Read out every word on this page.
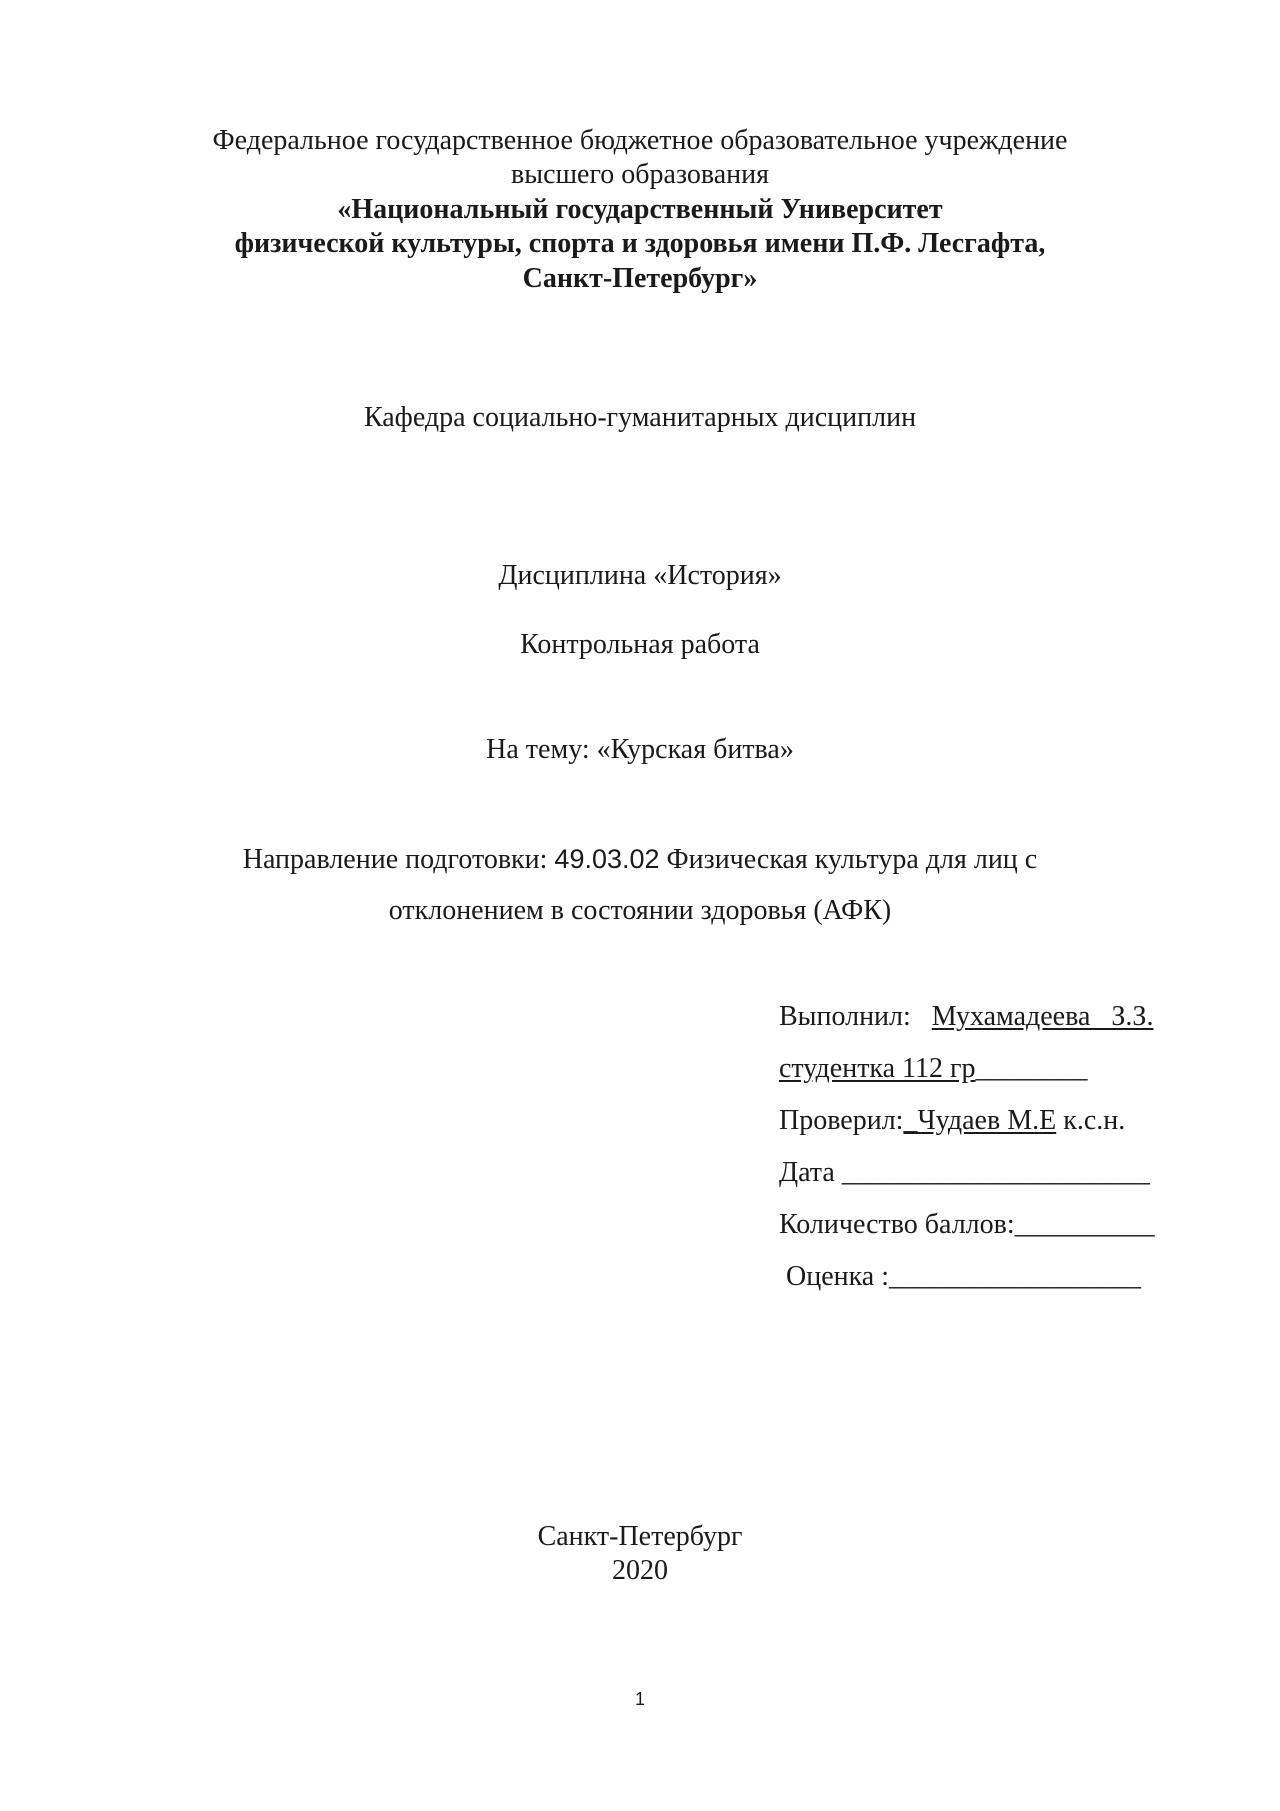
Федеральное государственное бюджетное образовательное учреждение
высшего образования
«Национальный государственный Университет
физической культуры, спорта и здоровья имени П.Ф. Лесгафта,
Санкт-Петербург»
Кафедра социально-гуманитарных дисциплин
Дисциплина «История»
Контрольная работа
На тему: «Курская битва»
Направление подготовки: 49.03.02 Физическая культура для лиц с
отклонением в состоянии здоровья (АФК)
Выполнил:   Мухамадеева   З.З.
студентка 112 гр________
Проверил:_Чудаев М.Е к.с.н.
Дата ______________________
Количество баллов:__________
Оценка :__________________
Санкт-Петербург
2020
1
